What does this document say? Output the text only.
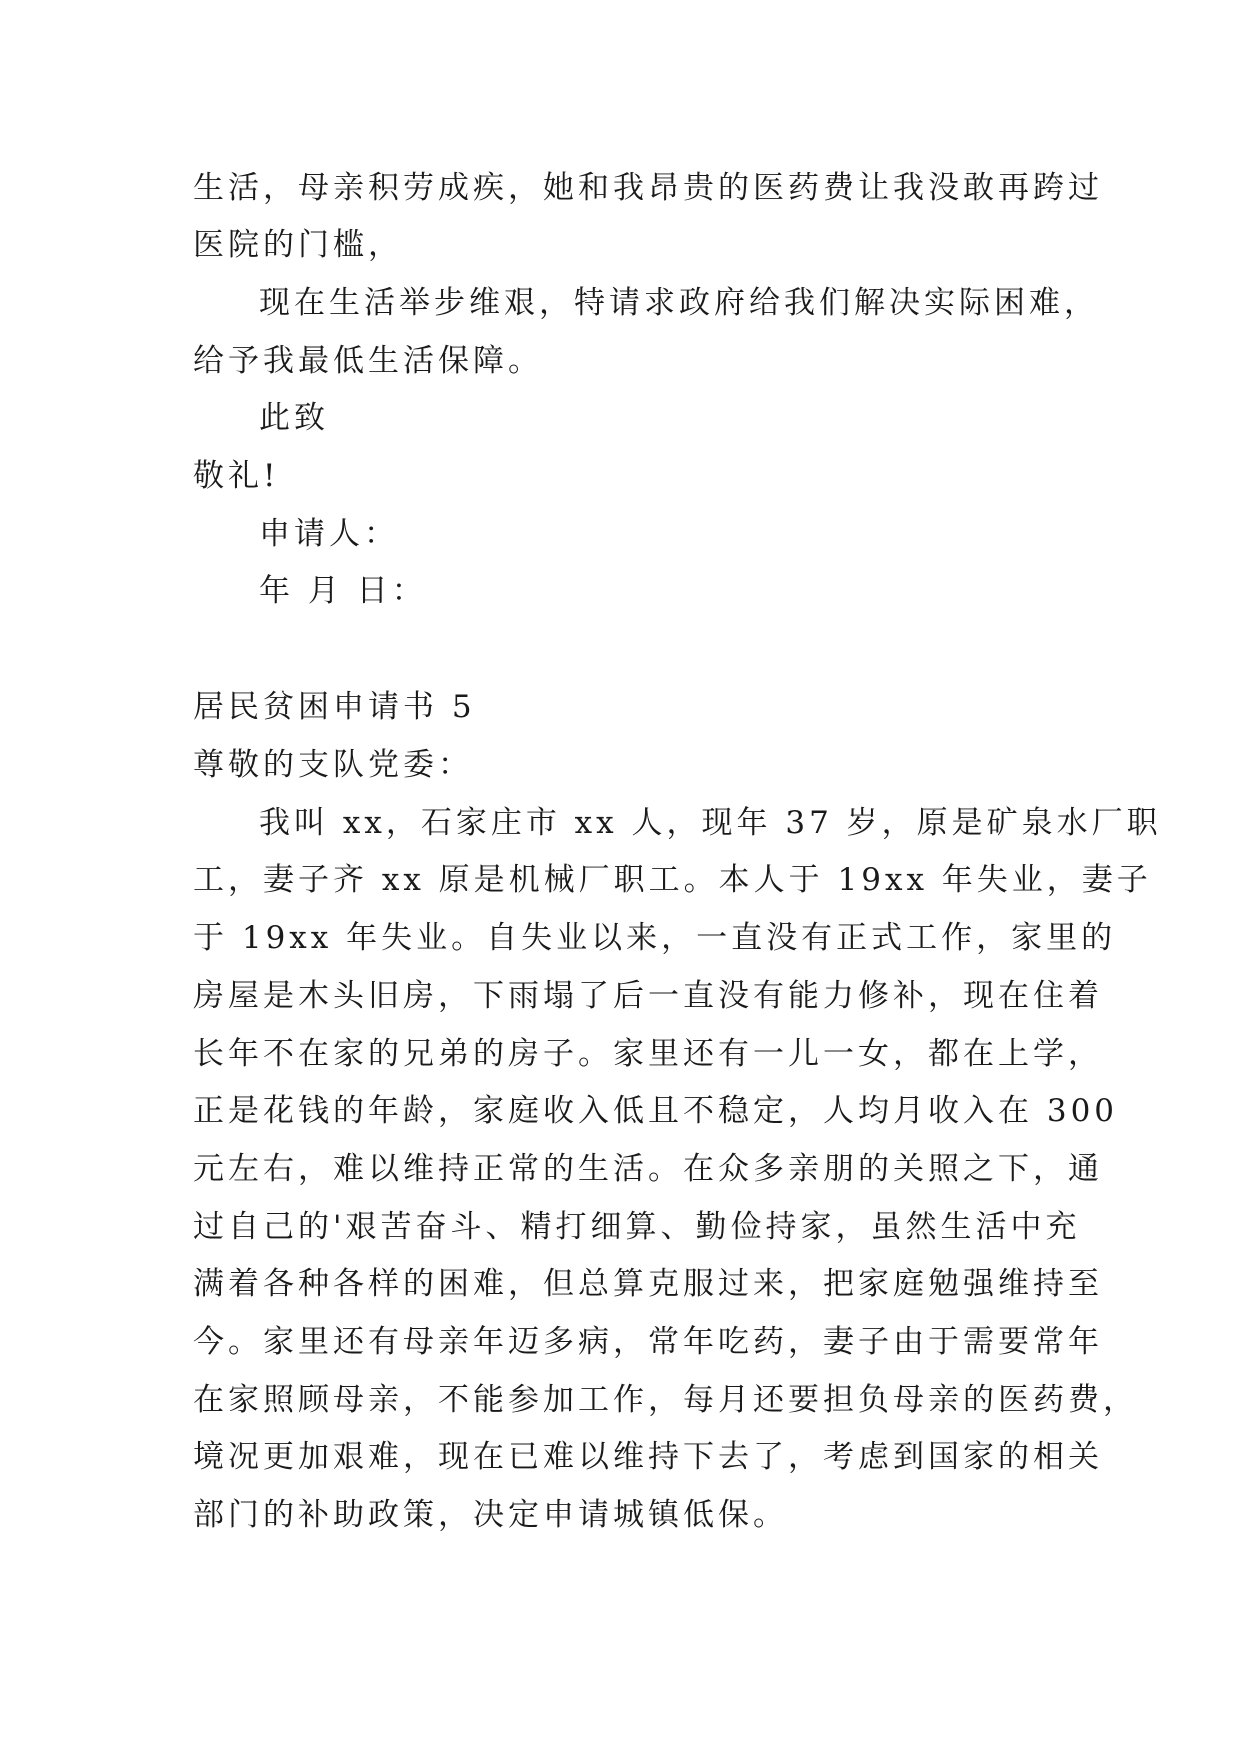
生活，母亲积劳成疾，她和我昂贵的医药费让我没敢再跨过
医院的门槛，
现在生活举步维艰，特请求政府给我们解决实际困难，
给予我最低生活保障。
此致
敬礼!
申请人：
年 月 日：
居民贫困申请书 5
尊敬的支队党委：
我叫 xx，石家庄市 xx 人，现年 37 岁，原是矿泉水厂职
工，妻子齐 xx 原是机械厂职工。本人于 19xx 年失业，妻子
于 19xx 年失业。自失业以来，一直没有正式工作，家里的
房屋是木头旧房，下雨塌了后一直没有能力修补，现在住着
长年不在家的兄弟的房子。家里还有一儿一女，都在上学，
正是花钱的年龄，家庭收入低且不稳定，人均月收入在 300
元左右，难以维持正常的生活。在众多亲朋的关照之下，通
过自己的'艰苦奋斗、精打细算、勤俭持家，虽然生活中充
满着各种各样的困难，但总算克服过来，把家庭勉强维持至
今。家里还有母亲年迈多病，常年吃药，妻子由于需要常年
在家照顾母亲，不能参加工作，每月还要担负母亲的医药费，
境况更加艰难，现在已难以维持下去了，考虑到国家的相关
部门的补助政策，决定申请城镇低保。
